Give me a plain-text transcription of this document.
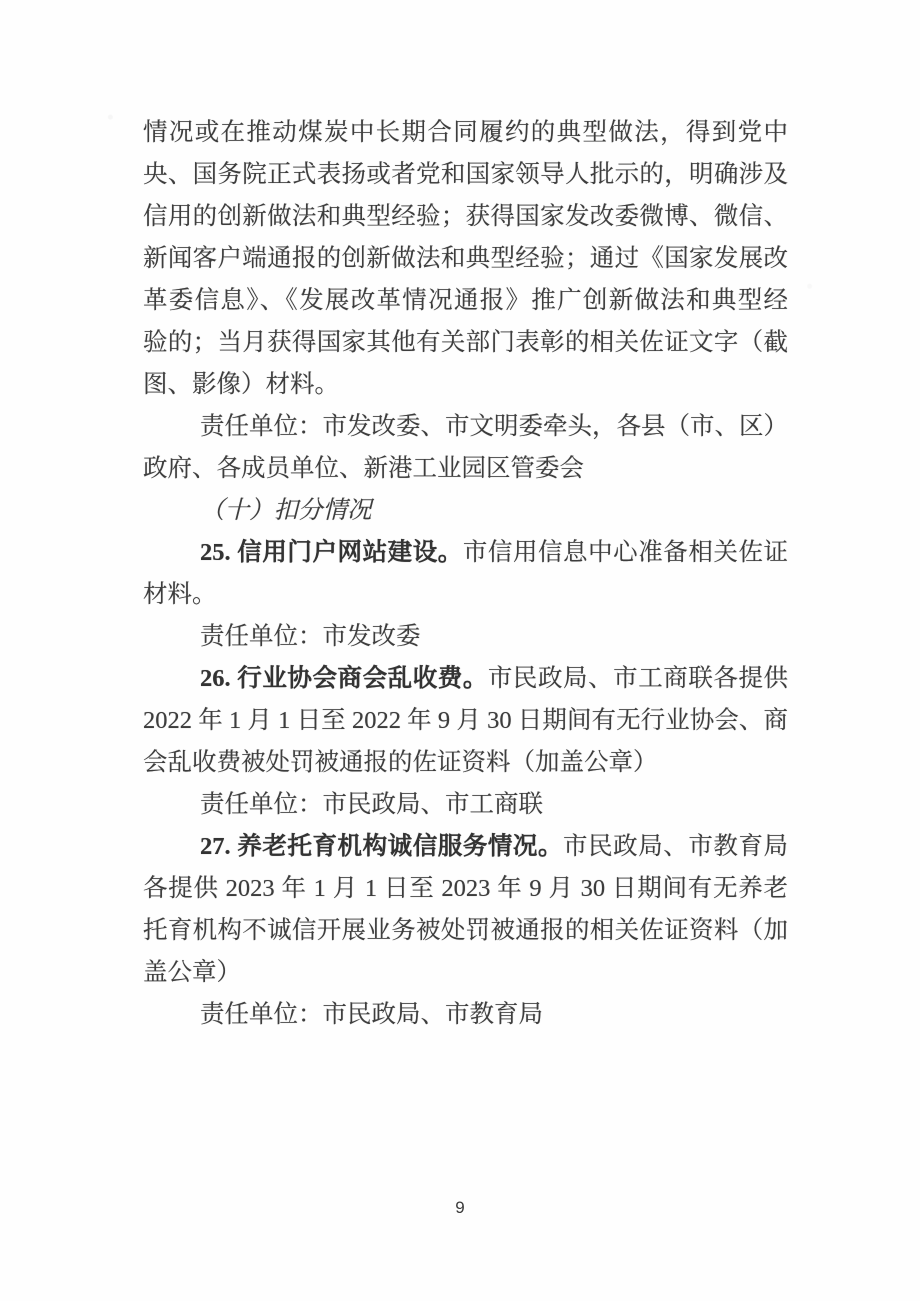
情况或在推动煤炭中长期合同履约的典型做法，得到党中
央、国务院正式表扬或者党和国家领导人批示的，明确涉及
信用的创新做法和典型经验；获得国家发改委微博、微信、
新闻客户端通报的创新做法和典型经验；通过《国家发展改
革委信息》、《发展改革情况通报》推广创新做法和典型经
验的；当月获得国家其他有关部门表彰的相关佐证文字（截
图、影像）材料。
责任单位：市发改委、市文明委牵头，各县（市、区）
政府、各成员单位、新港工业园区管委会
（十）扣分情况
25. 信用门户网站建设。市信用信息中心准备相关佐证
材料。
责任单位：市发改委
26. 行业协会商会乱收费。市民政局、市工商联各提供
2022 年 1 月 1 日至 2022 年 9 月 30 日期间有无行业协会、商
会乱收费被处罚被通报的佐证资料（加盖公章）
责任单位：市民政局、市工商联
27. 养老托育机构诚信服务情况。市民政局、市教育局
各提供 2023 年 1 月 1 日至 2023 年 9 月 30 日期间有无养老
托育机构不诚信开展业务被处罚被通报的相关佐证资料（加
盖公章）
责任单位：市民政局、市教育局
9
